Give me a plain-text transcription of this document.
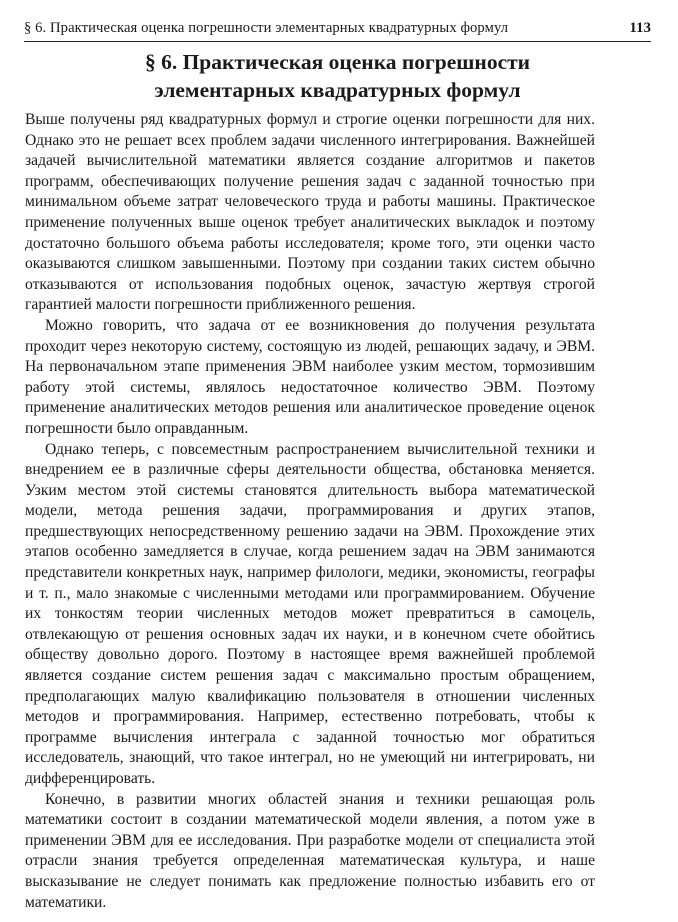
§ 6. Практическая оценка погрешности элементарных квадратурных формул	113
§ 6. Практическая оценка погрешности
элементарных квадратурных формул

Выше получены ряд квадратурных формул и строгие оценки погрешности для них. Однако это не решает всех проблем задачи численного интегрирования. Важнейшей задачей вычислительной математики является создание алгоритмов и пакетов программ, обеспечивающих получение решения задач с заданной точностью при минимальном объеме затрат человеческого труда и работы машины. Практическое применение полученных выше оценок требует аналитических выкладок и поэтому достаточно большого объема работы исследователя; кроме того, эти оценки часто оказываются слишком завышенными. Поэтому при создании таких систем обычно отказываются от использования подобных оценок, зачастую жертвуя строгой гарантией малости погрешности приближенного решения.

Можно говорить, что задача от ее возникновения до получения результата проходит через некоторую систему, состоящую из людей, решающих задачу, и ЭВМ. На первоначальном этапе применения ЭВМ наиболее узким местом, тормозившим работу этой системы, являлось недостаточное количество ЭВМ. Поэтому применение аналитических методов решения или аналитическое проведение оценок погрешности было оправданным.

Однако теперь, с повсеместным распространением вычислительной техники и внедрением ее в различные сферы деятельности общества, обстановка меняется. Узким местом этой системы становятся длительность выбора математической модели, метода решения задачи, программирования и других этапов, предшествующих непосредственному решению задачи на ЭВМ. Прохождение этих этапов особенно замедляется в случае, когда решением задач на ЭВМ занимаются представители конкретных наук, например филологи, медики, экономисты, географы и т. п., мало знакомые с численными методами или программированием. Обучение их тонкостям теории численных методов может превратиться в самоцель, отвлекающую от решения основных задач их науки, и в конечном счете обойтись обществу довольно дорого. Поэтому в настоящее время важнейшей проблемой является создание систем решения задач с максимально простым обращением, предполагающих малую квалификацию пользователя в отношении численных методов и программирования. Например, естественно потребовать, чтобы к программе вычисления интеграла с заданной точностью мог обратиться исследователь, знающий, что такое интеграл, но не умеющий ни интегрировать, ни дифференцировать.

Конечно, в развитии многих областей знания и техники решающая роль математики состоит в создании математической модели явления, а потом уже в применении ЭВМ для ее исследования. При разработке модели от специалиста этой отрасли знания требуется определенная математическая культура, и наше высказывание не следует понимать как предложение полностью избавить его от математики.
